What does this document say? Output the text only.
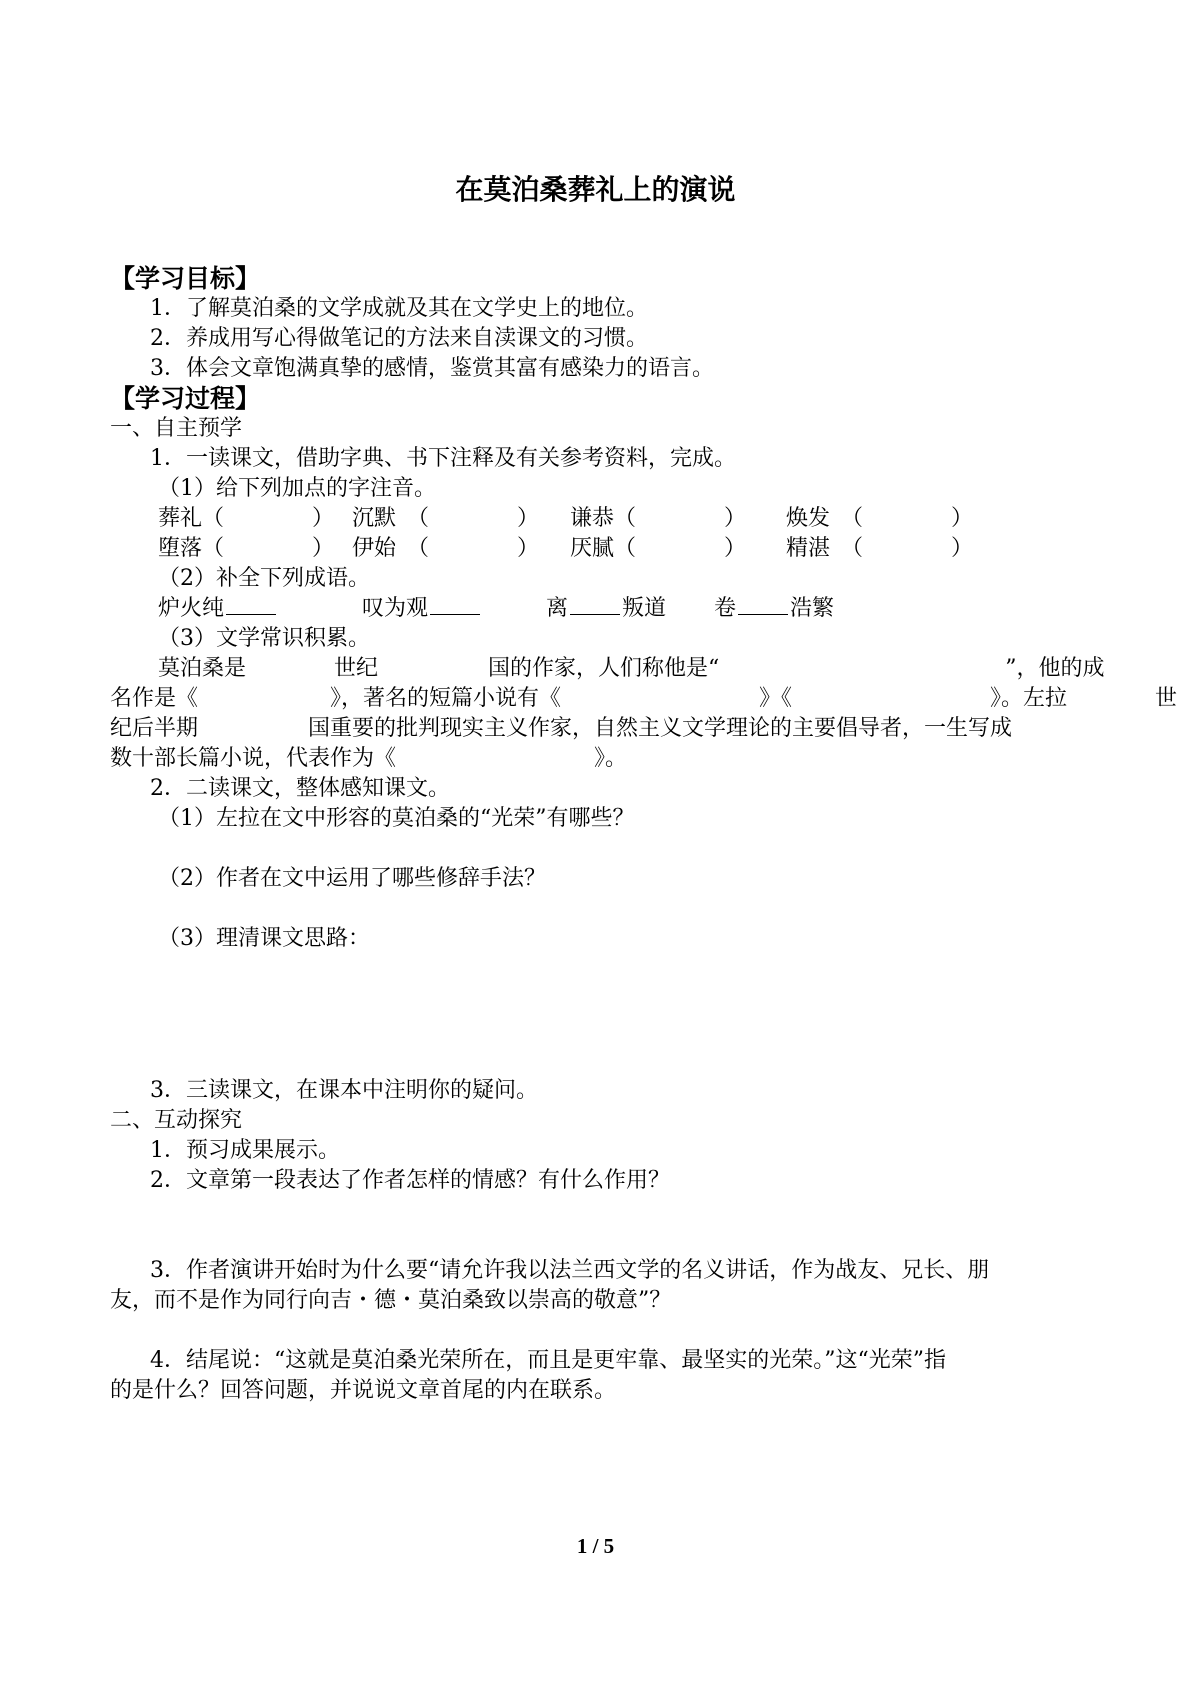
在莫泊桑葬礼上的演说
【学习目标】
1．了解莫泊桑的文学成就及其在文学史上的地位。
2．养成用写心得做笔记的方法来自渎课文的习惯。
3．体会文章饱满真挚的感情，鉴赏其富有感染力的语言。
【学习过程】
一、自主预学
1．一读课文，借助字典、书下注释及有关参考资料，完成。
（1）给下列加点的字注音。
葬礼（　　　　） 沉默　（　　　　） 谦恭（　　　　） 焕发　（　　　　）
堕落（　　　　） 伊始　（　　　　） 厌腻（　　　　） 精湛　（　　　　）
（2）补全下列成语。
炉火纯	叹为观	离 叛道 卷 浩繁
（3）文学常识积累。
莫泊桑是　　　　世纪　　　　　国的作家，人们称他是“　　　　　　　　　　　　　”，他的成
名作是《　　　　　　》，著名的短篇小说有《　　　　　　　　　》《　　　　　　　　　》。左拉　　　　世
纪后半期　　　　　国重要的批判现实主义作家，自然主义文学理论的主要倡导者，一生写成
数十部长篇小说，代表作为《　　　　　　　　　》。
2．二读课文，整体感知课文。
（1）左拉在文中形容的莫泊桑的“光荣”有哪些？
（2）作者在文中运用了哪些修辞手法？
（3）理清课文思路：
3．三读课文，在课本中注明你的疑问。
二、互动探究
1．预习成果展示。
2．文章第一段表达了作者怎样的情感？有什么作用？
3．作者演讲开始时为什么要“请允许我以法兰西文学的名义讲话，作为战友、兄长、朋
友，而不是作为同行向吉・德・莫泊桑致以崇高的敬意”？
4．结尾说：“这就是莫泊桑光荣所在，而且是更牢靠、最坚实的光荣。”这“光荣”指
的是什么？回答问题，并说说文章首尾的内在联系。
1 / 5
